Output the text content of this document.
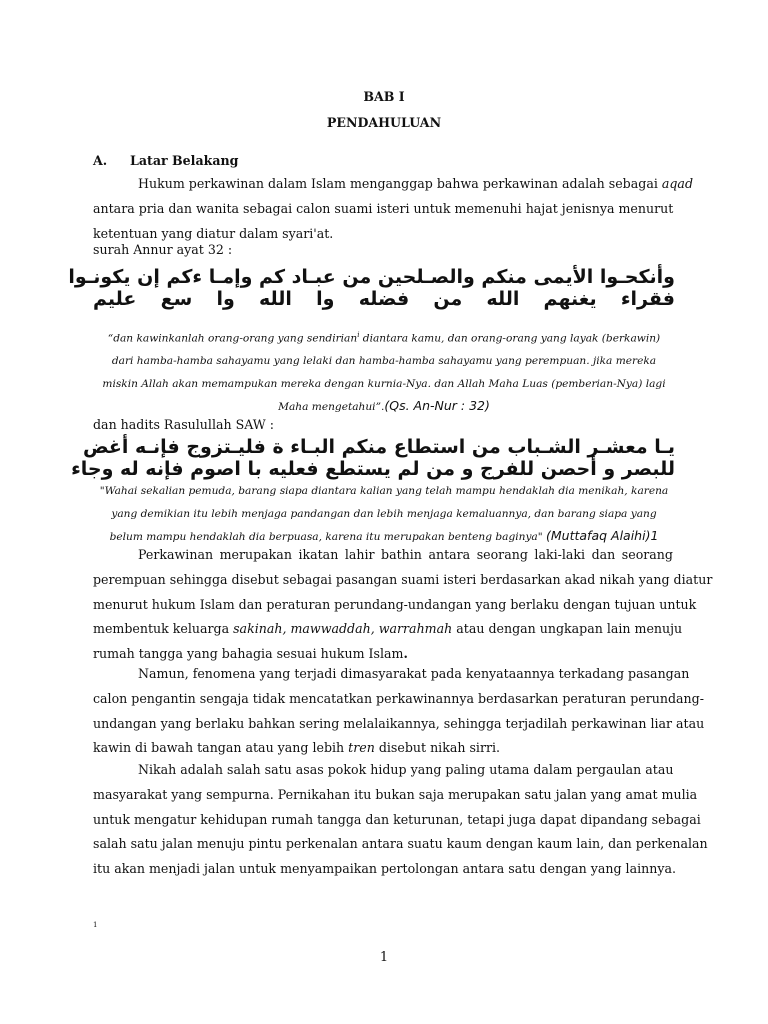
BAB I
PENDAHULUAN
A. Latar Belakang
Hukum perkawinan dalam Islam menganggap bahwa perkawinan adalah sebagai aqad
antara pria dan wanita sebagai calon suami isteri untuk memenuhi hajat jenisnya menurut
ketentuan yang diatur dalam syari'at.
surah Annur ayat 32 :
وأنكحـوا الأيمى منكم والصـلحين من عبـاد كم وإمـا ءكم إن يكونـوا
فقراء يغنهم الله من فضله وا الله وا سع عليم
“dan kawinkanlah orang-orang yang sendirian$^i$ diantara kamu, dan orang-orang yang layak (berkawin)
dari hamba-hamba sahayamu yang lelaki dan hamba-hamba sahayamu yang perempuan. jika mereka
miskin Allah akan memampukan mereka dengan kurnia-Nya. dan Allah Maha Luas (pemberian-Nya) lagi
Maha mengetahui”.(Qs. An-Nur : 32)
dan hadits Rasulullah SAW :
يـا معشـر الشـباب من استطاع منكم البـاء ة فليـتزوج فإنـه أغض
للبصر و أحصن للفرج و من لم يستطع فعليه با اصوم فإنه له وجاء
"Wahai sekalian pemuda, barang siapa diantara kalian yang telah mampu hendaklah dia menikah, karena
yang demikian itu lebih menjaga pandangan dan lebih menjaga kemaluannya, dan barang siapa yang
belum mampu hendaklah dia berpuasa, karena itu merupakan benteng baginya" (Muttafaq Alaihi)1
Perkawinan merupakan ikatan lahir bathin antara seorang laki-laki dan seorang
perempuan sehingga disebut sebagai pasangan suami isteri berdasarkan akad nikah yang diatur
menurut hukum Islam dan peraturan perundang-undangan yang berlaku dengan tujuan untuk
membentuk keluarga sakinah, mawwaddah, warrahmah atau dengan ungkapan lain menuju
rumah tangga yang bahagia sesuai hukum Islam.
Namun, fenomena yang terjadi dimasyarakat pada kenyataannya terkadang pasangan
calon pengantin sengaja tidak mencatatkan perkawinannya berdasarkan peraturan perundang-
undangan yang berlaku bahkan sering melalaikannya, sehingga terjadilah perkawinan liar atau
kawin di bawah tangan atau yang lebih tren disebut nikah sirri.
Nikah adalah salah satu asas pokok hidup yang paling utama dalam pergaulan atau
masyarakat yang sempurna. Pernikahan itu bukan saja merupakan satu jalan yang amat mulia
untuk mengatur kehidupan rumah tangga dan keturunan, tetapi juga dapat dipandang sebagai
salah satu jalan menuju pintu perkenalan antara suatu kaum dengan kaum lain, dan perkenalan
itu akan menjadi jalan untuk menyampaikan pertolongan antara satu dengan yang lainnya.
1
1
